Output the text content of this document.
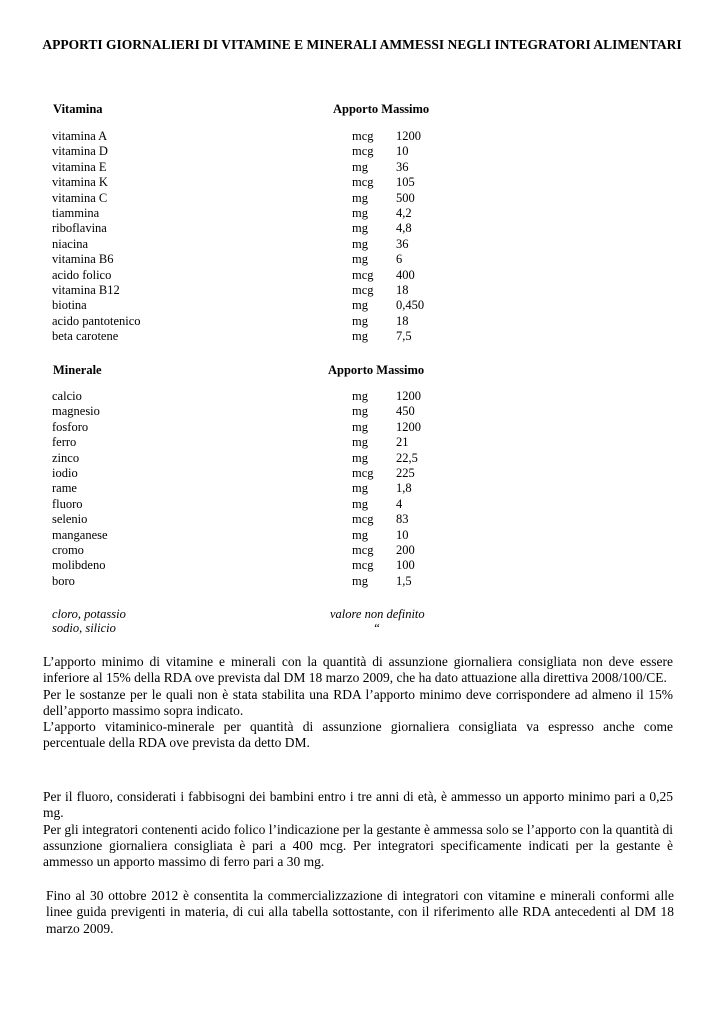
APPORTI GIORNALIERI DI VITAMINE E MINERALI AMMESSI NEGLI INTEGRATORI ALIMENTARI
Vitamina	Apporto Massimo
vitamina A	mcg 1200
vitamina D	mcg 10
vitamina E	mg 36
vitamina K	mcg 105
vitamina C	mg 500
tiammina	mg 4,2
riboflavina	mg 4,8
niacina	mg 36
vitamina B6	mg 6
acido folico	mcg 400
vitamina B12	mcg 18
biotina	mg 0,450
acido pantotenico	mg 18
beta carotene	mg 7,5
Minerale	Apporto Massimo
calcio	mg 1200
magnesio	mg 450
fosforo	mg 1200
ferro	mg 21
zinco	mg 22,5
iodio	mcg 225
rame	mg 1,8
fluoro	mg 4
selenio	mcg 83
manganese	mg 10
cromo	mcg 200
molibdeno	mcg 100
boro	mg 1,5
cloro, potassio	valore non definito
sodio, silicio	“

L’apporto minimo di vitamine e minerali con la quantità di assunzione giornaliera consigliata non deve essere inferiore al 15% della RDA ove prevista dal DM 18 marzo 2009, che ha dato attuazione alla direttiva 2008/100/CE.

Per le sostanze per le quali non è stata stabilita una RDA l’apporto minimo deve corrispondere ad almeno il 15% dell’apporto massimo sopra indicato.

L’apporto vitaminico-minerale per quantità di assunzione giornaliera consigliata va espresso anche come percentuale della RDA ove prevista da detto DM.

Per il fluoro, considerati i fabbisogni dei bambini entro i tre anni di età, è ammesso un apporto minimo pari a 0,25 mg.

Per gli integratori contenenti acido folico l’indicazione per la gestante è ammessa solo se l’apporto con la quantità di assunzione giornaliera consigliata è pari a 400 mcg. Per integratori specificamente indicati per la gestante è ammesso un apporto massimo di ferro pari a 30 mg.

Fino al 30 ottobre 2012 è consentita la commercializzazione di integratori con vitamine e minerali conformi alle linee guida previgenti in materia, di cui alla tabella sottostante, con il riferimento alle RDA antecedenti al DM 18 marzo 2009.
